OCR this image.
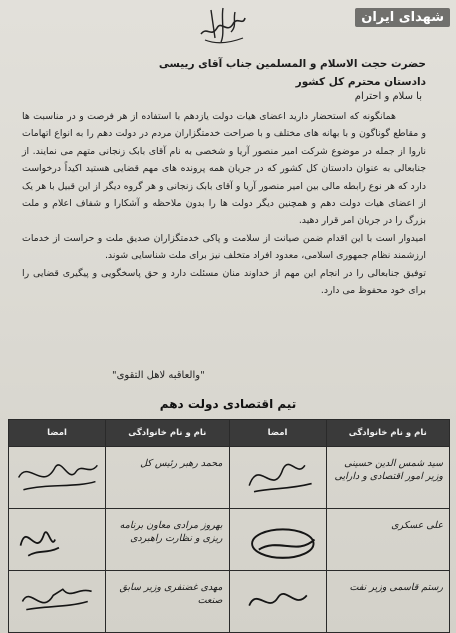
شهدای ایران
حضرت حجت الاسلام و المسلمین جناب آقای رییسی
دادستان محترم کل کشور
با سلام و احترام

همانگونه که استحضار دارید اعضای هیات دولت یازدهم با استفاده از هر فرصت و در مناسبت ها و مقاطع گوناگون و با بهانه های مختلف و با صراحت خدمتگزاران مردم در دولت دهم را به انواع اتهامات ناروا از جمله در موضوع شرکت امیر منصور آریا و شخصی به نام آقای بابک زنجانی متهم می نمایند. از جنابعالی به عنوان دادستان کل کشور که در جریان همه پرونده های مهم قضایی هستید اکیداً درخواست دارد که هر نوع رابطه مالی بین امیر منصور آریا و آقای بابک زنجانی و هر گروه دیگر از این قبیل با هر یک از اعضای هیات دولت دهم و همچنین دیگر دولت ها را بدون ملاحظه و آشکارا و شفاف اعلام و ملت بزرگ را در جریان امر قرار دهید.

امیدوار است با این اقدام ضمن صیانت از سلامت و پاکی خدمتگزاران صدیق ملت و حراست از خدمات ارزشمند نظام جمهوری اسلامی، معدود افراد متخلف نیز برای ملت شناسایی شوند.

توفیق جنابعالی را در انجام این مهم از خداوند منان مسئلت دارد و حق پاسخگویی و پیگیری قضایی را برای خود محفوظ می دارد.

"والعاقبه لاهل التقوی"
تیم اقتصادی دولت دهم
نام و نام خانوادگی	امضا	نام و نام خانوادگی	امضا

سید شمس الدین حسینی وزیر امور اقتصادی و دارایی		محمد رهبر رئیس کل

علی عسکری		بهروز مرادی معاون برنامه ریزی و نظارت راهبردی

رستم قاسمی وزیر نفت		مهدی غضنفری وزیر سابق صنعت
